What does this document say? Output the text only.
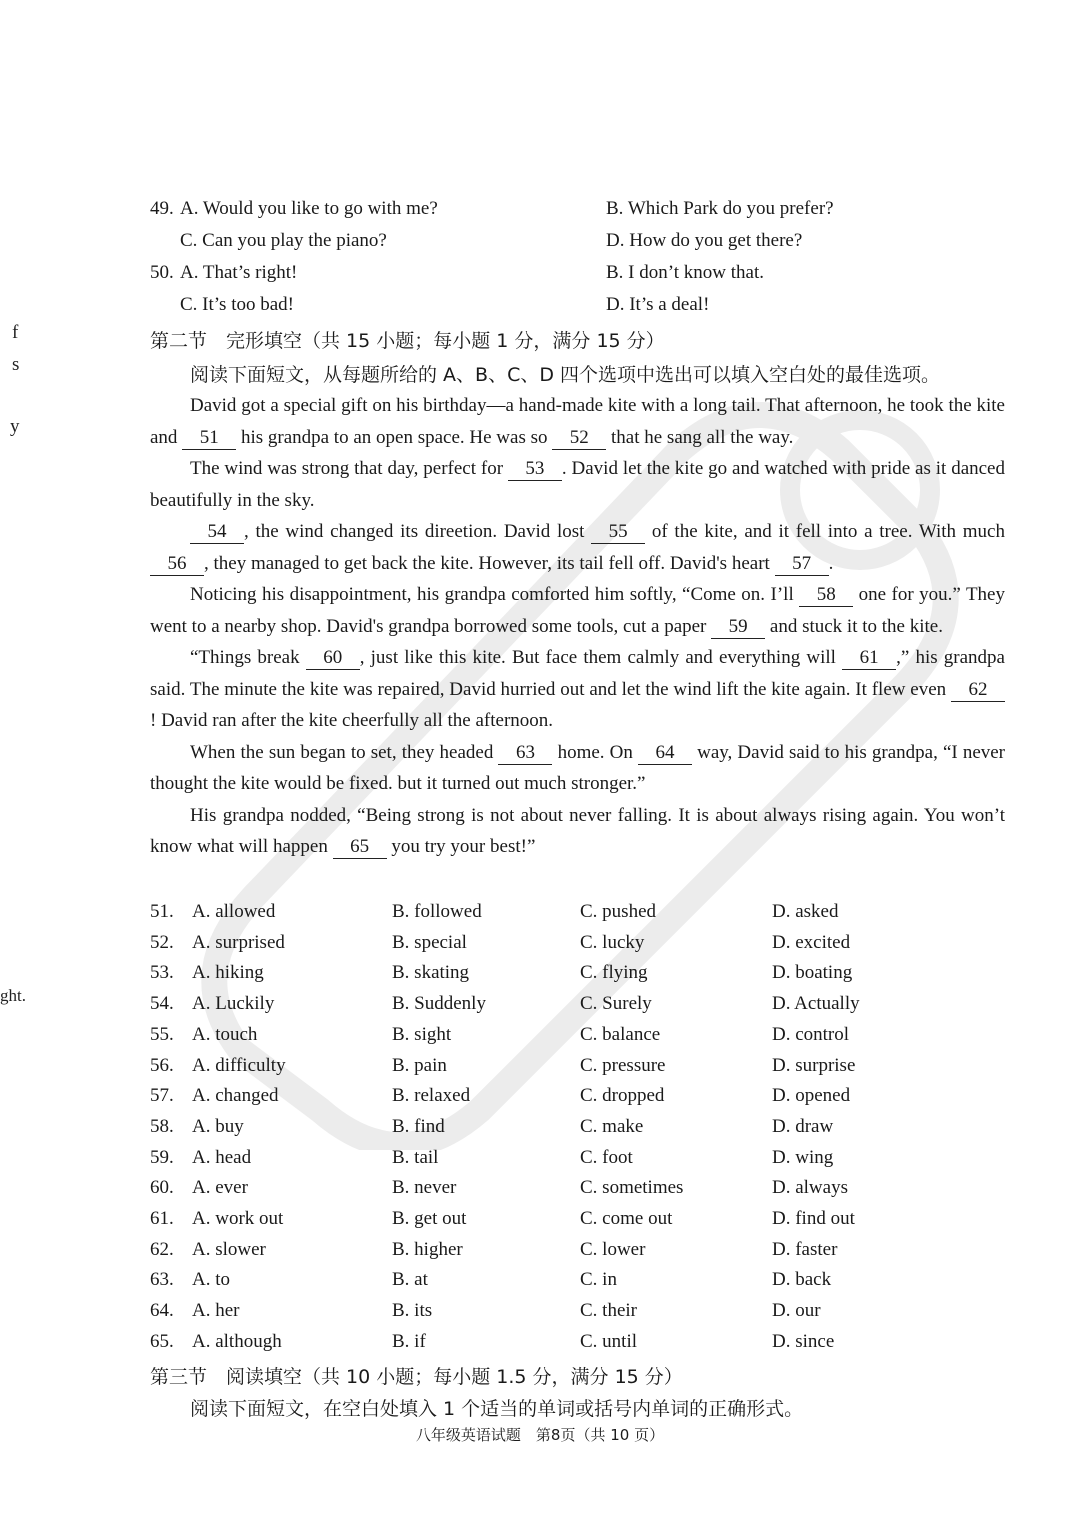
f
s
y
ght.
49. A. Would you like to go with me?	B. Which Park do you prefer?
C. Can you play the piano?	D. How do you get there?
50. A. That’s right!	B. I don’t know that.
C. It’s too bad!	D. It’s a deal!
第二节　完形填空（共 15 小题；每小题 1 分，满分 15 分）
阅读下面短文，从每题所给的 A、B、C、D 四个选项中选出可以填入空白处的最佳选项。

David got a special gift on his birthday—a hand-made kite with a long tail. That afternoon, he took the kite and 51 his grandpa to an open space. He was so 52 that he sang all the way.

The wind was strong that day, perfect for 53 . David let the kite go and watched with pride as it danced beautifully in the sky.

54 , the wind changed its direetion. David lost 55 of the kite, and it fell into a tree. With much 56 , they managed to get back the kite. However, its tail fell off. David's heart 57 .

Noticing his disappointment, his grandpa comforted him softly, “Come on. I’ll 58 one for you.” They went to a nearby shop. David's grandpa borrowed some tools, cut a paper 59 and stuck it to the kite.

“Things break 60 , just like this kite. But face them calmly and everything will 61 ,” his grandpa said. The minute the kite was repaired, David hurried out and let the wind lift the kite again. It flew even 62! David ran after the kite cheerfully all the afternoon.

When the sun began to set, they headed 63 home. On 64 way, David said to his grandpa, “I never thought the kite would be fixed. but it turned out much stronger.”

His grandpa nodded, “Being strong is not about never falling. It is about always rising again. You won’t know what will happen 65 you try your best!”

51. A. allowed	B. followed	C. pushed	D. asked
52. A. surprised	B. special	C. lucky	D. excited
53. A. hiking	B. skating	C. flying	D. boating
54. A. Luckily	B. Suddenly	C. Surely	D. Actually
55. A. touch	B. sight	C. balance	D. control
56. A. difficulty	B. pain	C. pressure	D. surprise
57. A. changed	B. relaxed	C. dropped	D. opened
58. A. buy	B. find	C. make	D. draw
59. A. head	B. tail	C. foot	D. wing
60. A. ever	B. never	C. sometimes	D. always
61. A. work out	B. get out	C. come out	D. find out
62. A. slower	B. higher	C. lower	D. faster
63. A. to	B. at	C. in	D. back
64. A. her	B. its	C. their	D. our
65. A. although	B. if	C. until	D. since
第三节　阅读填空（共 10 小题；每小题 1.5 分，满分 15 分）
阅读下面短文，在空白处填入 1 个适当的单词或括号内单词的正确形式。
八年级英语试题　第8页（共 10 页）
